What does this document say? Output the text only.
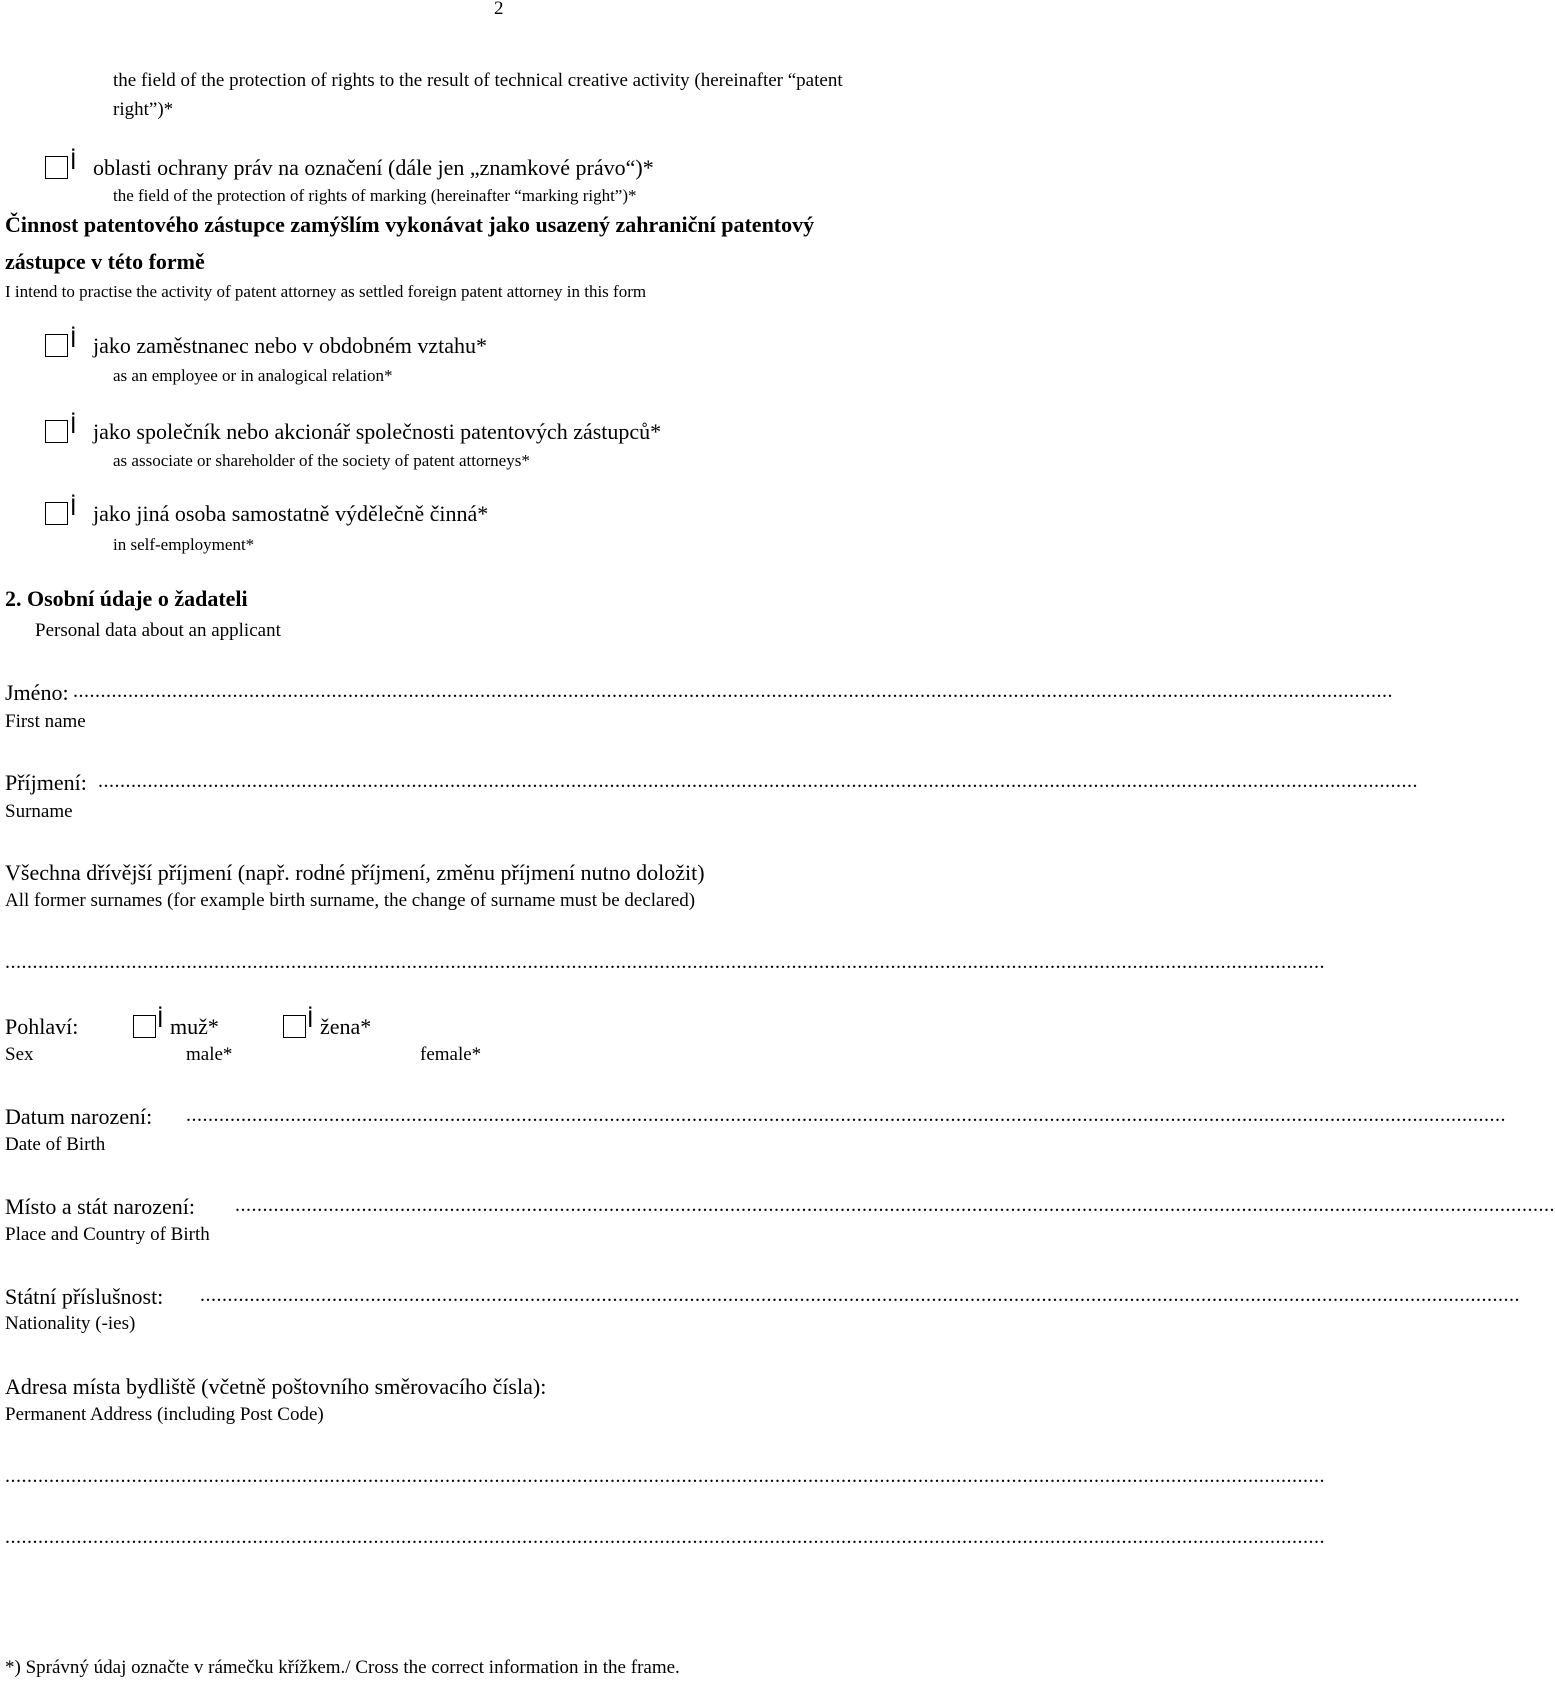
2
the field of the protection of rights to the result of technical creative activity (hereinafter “patent
right”)*
İ oblasti ochrany práv na označení (dále jen „znamkové právo“)*
the field of the protection of rights of marking (hereinafter “marking right”)*
Činnost patentového zástupce zamýšlím vykonávat jako usazený zahraniční patentový
zástupce v této formě
I intend to practise the activity of patent attorney as settled foreign patent attorney in this form
İ jako zaměstnanec nebo v obdobném vztahu*
as an employee or in analogical relation*
İ jako společník nebo akcionář společnosti patentových zástupců*
as associate or shareholder of the society of patent attorneys*
İ jako jiná osoba samostatně výdělečně činná*
in self-employment*
2. Osobní údaje o žadateli
Personal data about an applicant
Jméno: ................................................................................................................................................................................................................................................
First name
Příjmení: ................................................................................................................................................................................................................................................
Surname
Všechna dřívější příjmení (např. rodné příjmení, změnu příjmení nutno doložit)
All former surnames (for example birth surname, the change of surname must be declared)
................................................................................................................................................................................................................................................
Pohlaví:	İ muž*	İ žena*
Sex	male*	female*
Datum narození: ................................................................................................................................................................................................................................................
Date of Birth
Místo a stát narození: ................................................................................................................................................................................................................................................
Place and Country of Birth
Státní příslušnost: ................................................................................................................................................................................................................................................
Nationality (-ies)
Adresa místa bydliště (včetně poštovního směrovacího čísla):
Permanent Address (including Post Code)
................................................................................................................................................................................................................................................
................................................................................................................................................................................................................................................
*) Správný údaj označte v rámečku křížkem./ Cross the correct information in the frame.
